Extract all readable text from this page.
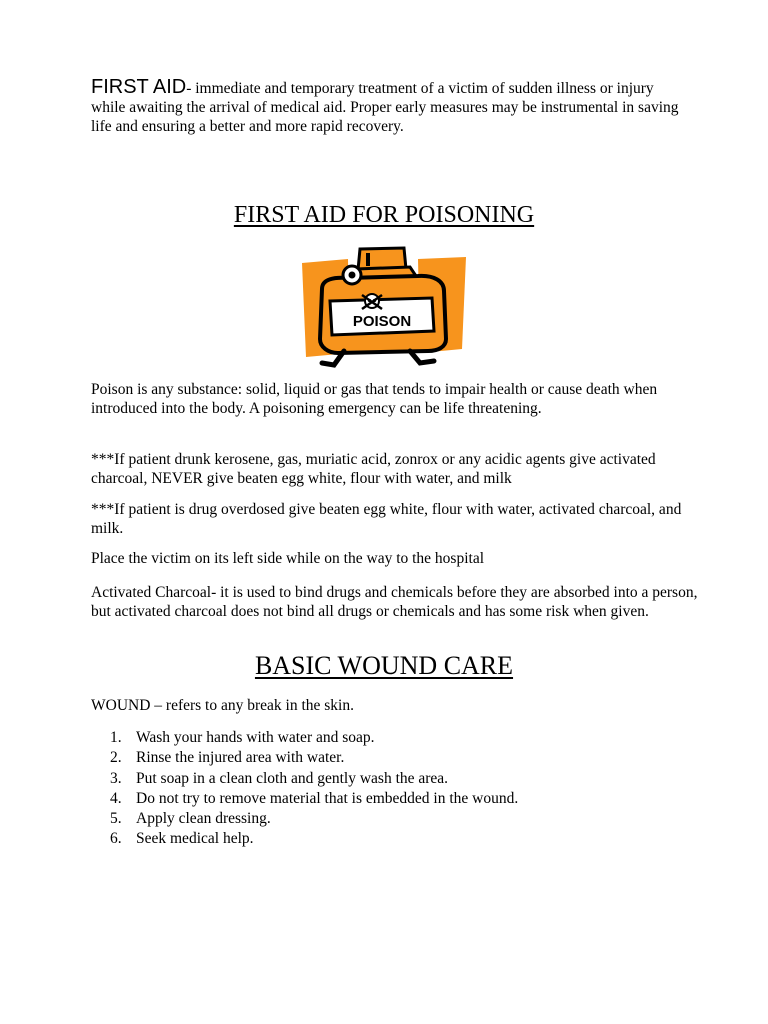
FIRST AID- immediate and temporary treatment of a victim of sudden illness or injury while awaiting the arrival of medical aid. Proper early measures may be instrumental in saving life and ensuring a better and more rapid recovery.
FIRST AID FOR POISONING
POISON

Poison is any substance: solid, liquid or gas that tends to impair health or cause death when introduced into the body. A poisoning emergency can be life threatening.

***If patient drunk kerosene, gas, muriatic acid, zonrox or any acidic agents give activated charcoal, NEVER give beaten egg white, flour with water, and milk

***If patient is drug overdosed give beaten egg white, flour with water, activated charcoal, and milk.

Place the victim on its left side while on the way to the hospital

Activated Charcoal- it is used to bind drugs and chemicals before they are absorbed into a person, but activated charcoal does not bind all drugs or chemicals and has some risk when given.

BASIC WOUND CARE

WOUND – refers to any break in the skin.

1. Wash your hands with water and soap.
2. Rinse the injured area with water.
3. Put soap in a clean cloth and gently wash the area.
4. Do not try to remove material that is embedded in the wound.
5. Apply clean dressing.
6. Seek medical help.
